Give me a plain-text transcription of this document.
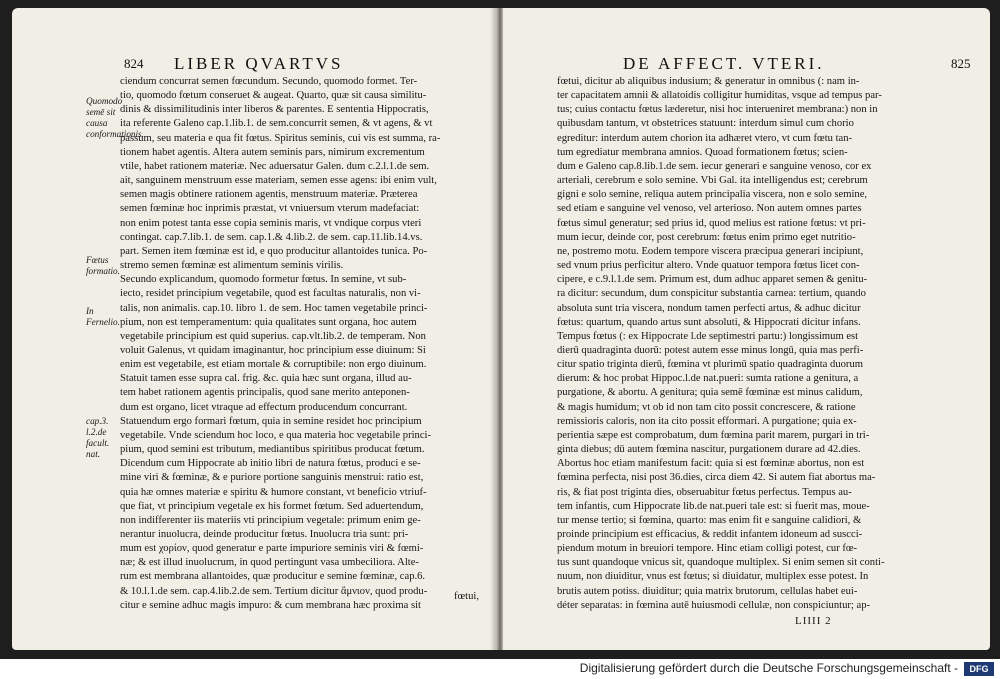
824 LIBER QVARTVS
Quomodo semē sit causa conformationis.
Fœtus formatio.
In Fernelio.
cap.3. l.2.de facult. nat.
ciendum concurrat semen fœcundum. Secundo, quomodo formet. Ter-
tio, quomodo fœtum conseruet & augeat. Quarto, quæ sit causa similitu-
dinis & dissimilitudinis inter liberos & parentes. E sententia Hippocratis,
ita referente Galeno cap.1.lib.1. de sem.concurrit semen, & vt agens, & vt
passum, seu materia e qua fit fœtus. Spiritus seminis, cui vis est summa, ra-
tionem habet agentis. Altera autem seminis pars, nimirum excrementum
vtile, habet rationem materiæ. Nec aduersatur Galen. dum c.2.l.1.de sem.
ait, sanguinem menstruum esse materiam, semen esse agens: ibi enim vult,
semen magis obtinere rationem agentis, menstruum materiæ. Præterea
semen fœminæ hoc inprimis præstat, vt vniuersum vterum madefaciat:
non enim potest tanta esse copia seminis maris, vt vndique corpus vteri
contingat. cap.7.lib.1. de sem. cap.1.& 4.lib.2. de sem. cap.11.lib.14.vs.
part. Semen item fœminæ est id, e quo producitur allantoides tunica. Po-
stremo semen fœminæ est alimentum seminis virilis.
Secundo explicandum, quomodo formetur fœtus. In semine, vt sub-
iecto, residet principium vegetabile, quod est facultas naturalis, non vi-
talis, non animalis. cap.10. libro 1. de sem. Hoc tamen vegetabile princi-
pium, non est temperamentum: quia qualitates sunt organa, hoc autem
vegetabile principium est quid superius. cap.vlt.lib.2. de temperam. Non
voluit Galenus, vt quidam imaginantur, hoc principium esse diuinum: Si
enim est vegetabile, est etiam mortale & corruptibile: non ergo diuinum.
Statuit tamen esse supra cal. frig. &c. quia hæc sunt organa, illud au-
tem habet rationem agentis principalis, quod sane merito anteponen-
dum est organo, licet vtraque ad effectum producendum concurrant.
Statuendum ergo formari fœtum, quia in semine residet hoc principium
vegetabile. Vnde sciendum hoc loco, e qua materia hoc vegetabile princi-
pium, quod semini est tributum, mediantibus spiritibus producat fœtum.
Dicendum cum Hippocrate ab initio libri de natura fœtus, produci e se-
mine viri & fœminæ, & e puriore portione sanguinis menstrui: ratio est,
quia hæ omnes materiæ e spiritu & humore constant, vt beneficio vtriuf-
que fiat, vt principium vegetale ex his formet fœtum. Sed aduertendum,
non indifferenter iis materiis vti principium vegetale: primum enim ge-
nerantur inuolucra, deinde producitur fœtus. Inuolucra tria sunt: pri-
mum est χορίον, quod generatur e parte impuriore seminis viri & fœmi-
næ; & est illud inuolucrum, in quod pertingunt vasa umbeciliora. Alte-
rum est membrana allantoides, quæ producitur e semine fœminæ, cap.6.
& 10.l.1.de sem. cap.4.lib.2.de sem. Tertium dicitur ἄμνιον, quod produ-
citur e semine adhuc magis impuro: & cum membrana hæc proxima sit
fœtui,
DE AFFECT. VTERI.	825
fœtui, dicitur ab aliquibus indusium; & generatur in omnibus (: nam in-
ter capacitatem amnii & allatoidis colligitur humiditas, vsque ad tempus par-
tus; cuius contactu fœtus læderetur, nisi hoc interueniret membrana:) non in
quibusdam tantum, vt obstetrices statuunt: interdum simul cum chorio
egreditur: interdum autem chorion ita adhæret vtero, vt cum fœtu tan-
tum egrediatur membrana amnios. Quoad formationem fœtus; scien-
dum e Galeno cap.8.lib.1.de sem. iecur generari e sanguine venoso, cor ex
arteriali, cerebrum e solo semine. Vbi Gal. ita intelligendus est; cerebrum
gigni e solo semine, reliqua autem principalia viscera, non e solo semine,
sed etiam e sanguine vel venoso, vel arterioso. Non autem omnes partes
fœtus simul generatur; sed prius id, quod melius est ratione fœtus: vt pri-
mum iecur, deinde cor, post cerebrum: fœtus enim primo eget nutritio-
ne, postremo motu. Eodem tempore viscera præcipua generari incipiunt,
sed vnum prius perficitur altero. Vnde quatuor tempora fœtus licet con-
cipere, e c.9.l.1.de sem. Primum est, dum adhuc apparet semen & genitu-
ra dicitur: secundum, dum conspicitur substantia carnea: tertium, quando
absoluta sunt tria viscera, nondum tamen perfecti artus, & adhuc dicitur
fœtus: quartum, quando artus sunt absoluti, & Hippocrati dicitur infans.
Tempus fœtus (: ex Hippocrate l.de septimestri partu:) longissimum est
dierū quadraginta duorū: potest autem esse minus longū, quia mas perfi-
citur spatio triginta dierū, fœmina vt plurimū spatio quadraginta duorum
dierum: & hoc probat Hippoc.l.de nat.pueri: sumta ratione a genitura, a
purgatione, & abortu. A genitura; quia semē fœminæ est minus calidum,
& magis humidum; vt ob id non tam cito possit concrescere, & ratione
remissioris caloris, non ita cito possit efformari. A purgatione; quia ex-
perientia sæpe est comprobatum, dum fœmina parit marem, purgari in tri-
ginta diebus; dū autem fœmina nascitur, purgationem durare ad 42.dies.
Abortus hoc etiam manifestum facit: quia si est fœminæ abortus, non est
fœmina perfecta, nisi post 36.dies, circa diem 42. Si autem fiat abortus ma-
ris, & fiat post triginta dies, obseruabitur fœtus perfectus. Tempus au-
tem infantis, cum Hippocrate lib.de nat.pueri tale est: si fuerit mas, moue-
tur mense tertio; si fœmina, quarto: mas enim fit e sanguine calidiori, &
proinde principium est efficacius, & reddit infantem idoneum ad suscci-
piendum motum in breuiori tempore. Hinc etiam colligi potest, cur fœ-
tus sunt quandoque vnicus sit, quandoque multiplex. Si enim semen sit conti-
nuum, non diuiditur, vnus est fœtus; si diuidatur, multiplex esse potest. In
brutis autem potiss. diuiditur; quia matrix brutorum, cellulas habet eui-
déter separatas: in fœmina autē huiusmodi cellulæ, non conspiciuntur; ap-
LIIII 2
Digitalisierung gefördert durch die Deutsche Forschungsgemeinschaft -	DFG
